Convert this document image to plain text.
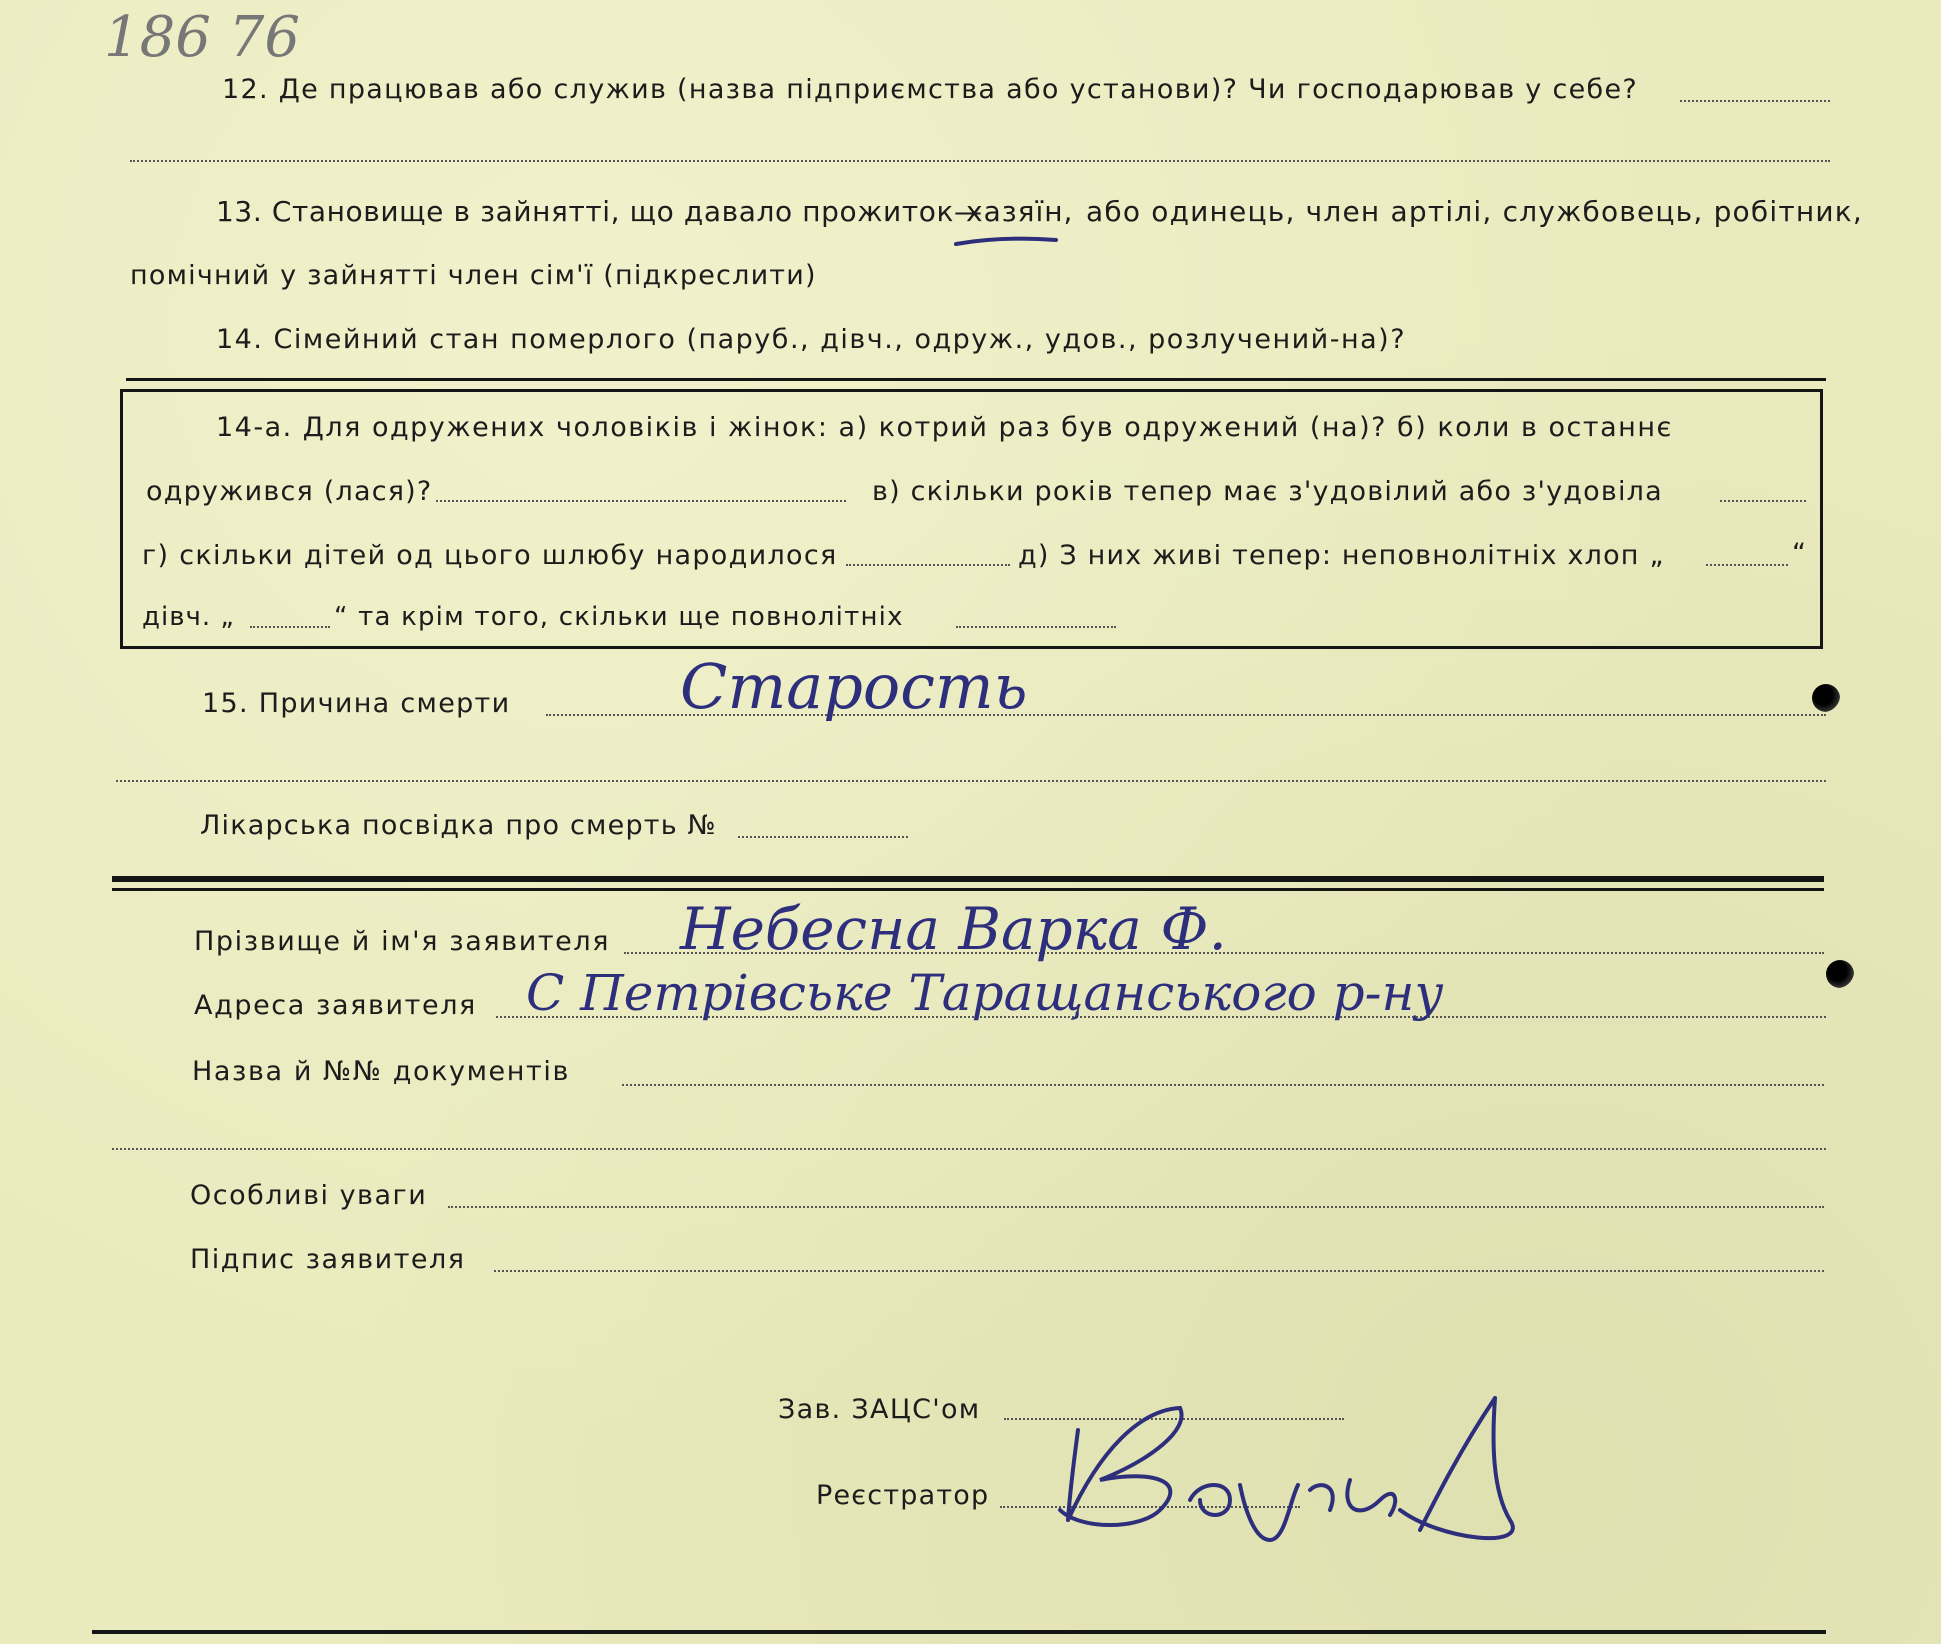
186 76
12. Де працював або служив (назва підприємства або установи)? Чи господарював у себе?
13. Становище в зайнятті, що давало прожиток—
хазяїн, або одинець, член артілі, службовець, робітник,
помічний у зайнятті член сім'ї (підкреслити)
14. Сімейний стан померлого (паруб., дівч., одруж., удов., розлучений-на)?
14-а. Для одружених чоловіків і жінок: а) котрий раз був одружений (на)? б) коли в останнє
одружився (лася)?	в) скільки років тепер має з'удовілий або з'удовіла
г) скільки дітей од цього шлюбу народилося	д) З них живі тепер: неповнолітніх хлоп „	“
дівч. „	“ та крім того, скільки ще повнолітніх
15. Причина смерти	Старость
Лікарська посвідка про смерть №
Прізвище й ім'я заявителя Небесна Варка Ф.
Адреса заявителя С Петрівське Таращанського р-ну
Назва й №№ документів
Особливі уваги
Підпис заявителя
Зав. ЗАЦС'ом
Реєстратор
